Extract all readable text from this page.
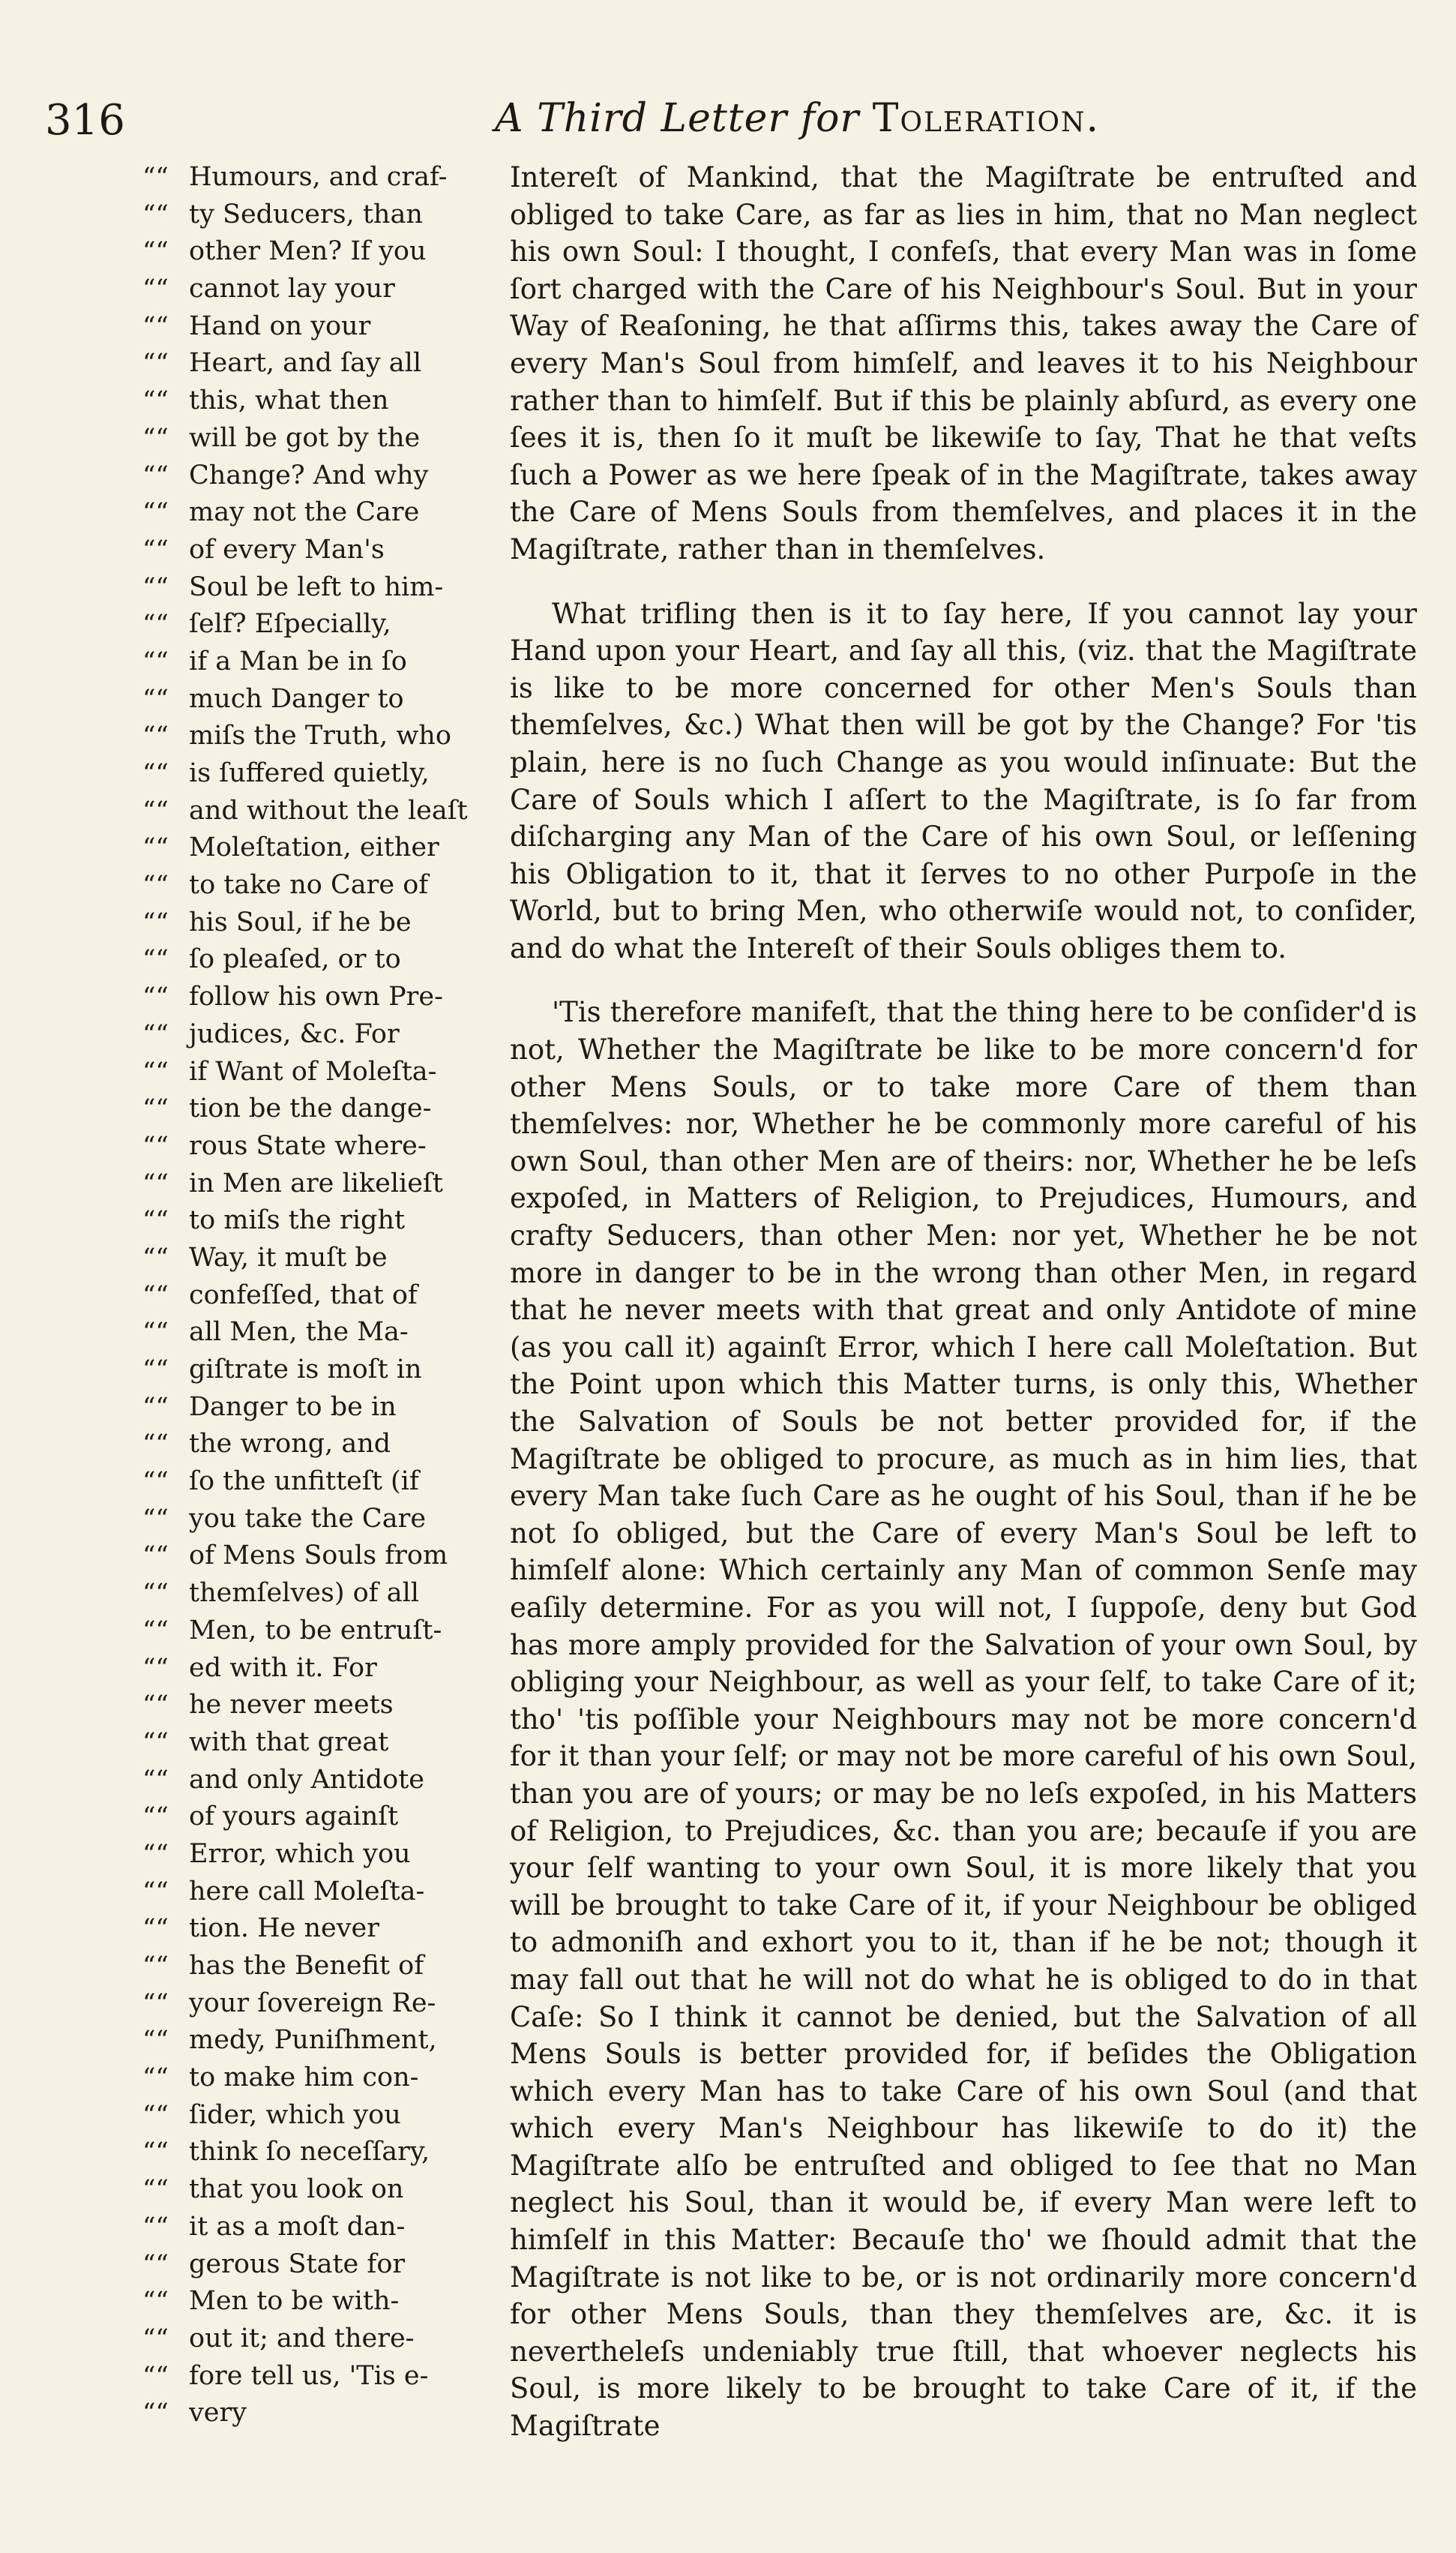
316	A Third Letter for Toleration.
““ Humours, and craf-
““ ty Seducers, than
““ other Men? If you
““ cannot lay your
““ Hand on your
““ Heart, and ſay all
““ this, what then
““ will be got by the
““ Change? And why
““ may not the Care
““ of every Man's
““ Soul be left to him-
““ ſelf? Eſpecially,
““ if a Man be in ſo
““ much Danger to
““ miſs the Truth, who
““ is ſuffered quietly,
““ and without the leaſt
““ Moleſtation, either
““ to take no Care of
““ his Soul, if he be
““ ſo pleaſed, or to
““ follow his own Pre-
““ judices, &c. For
““ if Want of Moleſta-
““ tion be the dange-
““ rous State where-
““ in Men are likelieſt
““ to miſs the right
““ Way, it muſt be
““ confeſſed, that of
““ all Men, the Ma-
““ giſtrate is moſt in
““ Danger to be in
““ the wrong, and
““ ſo the unfitteſt (if
““ you take the Care
““ of Mens Souls from
““ themſelves) of all
““ Men, to be entruſt-
““ ed with it. For
““ he never meets
““ with that great
““ and only Antidote
““ of yours againſt
““ Error, which you
““ here call Moleſta-
““ tion. He never
““ has the Benefit of
““ your ſovereign Re-
““ medy, Puniſhment,
““ to make him con-
““ ſider, which you
““ think ſo neceſſary,
““ that you look on
““ it as a moſt dan-
““ gerous State for
““ Men to be with-
““ out it; and there-
““ fore tell us, 'Tis e-
““ very

Intereſt of Mankind, that the Magiſtrate be entruſted and obliged to take Care, as far as lies in him, that no Man neglect his own Soul: I thought, I confeſs, that every Man was in ſome ſort charged with the Care of his Neighbour's Soul. But in your Way of Reaſoning, he that aſſirms this, takes away the Care of every Man's Soul from himſelf, and leaves it to his Neighbour rather than to himſelf. But if this be plainly abſurd, as every one ſees it is, then ſo it muſt be likewiſe to ſay, That he that veſts ſuch a Power as we here ſpeak of in the Magiſtrate, takes away the Care of Mens Souls from themſelves, and places it in the Magiſtrate, rather than in themſelves.

What trifling then is it to ſay here, If you cannot lay your Hand upon your Heart, and ſay all this, (viz. that the Magiſtrate is like to be more concerned for other Men's Souls than themſelves, &c.) What then will be got by the Change? For 'tis plain, here is no ſuch Change as you would inſinuate: But the Care of Souls which I aſſert to the Magiſtrate, is ſo far from diſcharging any Man of the Care of his own Soul, or leſſening his Obligation to it, that it ſerves to no other Purpoſe in the World, but to bring Men, who otherwiſe would not, to conſider, and do what the Intereſt of their Souls obliges them to.

'Tis therefore manifeſt, that the thing here to be conſider'd is not, Whether the Magiſtrate be like to be more concern'd for other Mens Souls, or to take more Care of them than themſelves: nor, Whether he be commonly more careful of his own Soul, than other Men are of theirs: nor, Whether he be leſs expoſed, in Matters of Religion, to Prejudices, Humours, and crafty Seducers, than other Men: nor yet, Whether he be not more in danger to be in the wrong than other Men, in regard that he never meets with that great and only Antidote of mine (as you call it) againſt Error, which I here call Moleſtation. But the Point upon which this Matter turns, is only this, Whether the Salvation of Souls be not better provided for, if the Magiſtrate be obliged to procure, as much as in him lies, that every Man take ſuch Care as he ought of his Soul, than if he be not ſo obliged, but the Care of every Man's Soul be left to himſelf alone: Which certainly any Man of common Senſe may eaſily determine. For as you will not, I ſuppoſe, deny but God has more amply provided for the Salvation of your own Soul, by obliging your Neighbour, as well as your ſelf, to take Care of it; tho' 'tis poſſible your Neighbours may not be more concern'd for it than your ſelf; or may not be more careful of his own Soul, than you are of yours; or may be no leſs expoſed, in his Matters of Religion, to Prejudices, &c. than you are; becauſe if you are your ſelf wanting to your own Soul, it is more likely that you will be brought to take Care of it, if your Neighbour be obliged to admoniſh and exhort you to it, than if he be not; though it may fall out that he will not do what he is obliged to do in that Caſe: So I think it cannot be denied, but the Salvation of all Mens Souls is better provided for, if beſides the Obligation which every Man has to take Care of his own Soul (and that which every Man's Neighbour has likewiſe to do it) the Magiſtrate alſo be entruſted and obliged to ſee that no Man neglect his Soul, than it would be, if every Man were left to himſelf in this Matter: Becauſe tho' we ſhould admit that the Magiſtrate is not like to be, or is not ordinarily more concern'd for other Mens Souls, than they themſelves are, &c. it is nevertheleſs undeniably true ſtill, that whoever neglects his Soul, is more likely to be brought to take Care of it, if the Magiſtrate
